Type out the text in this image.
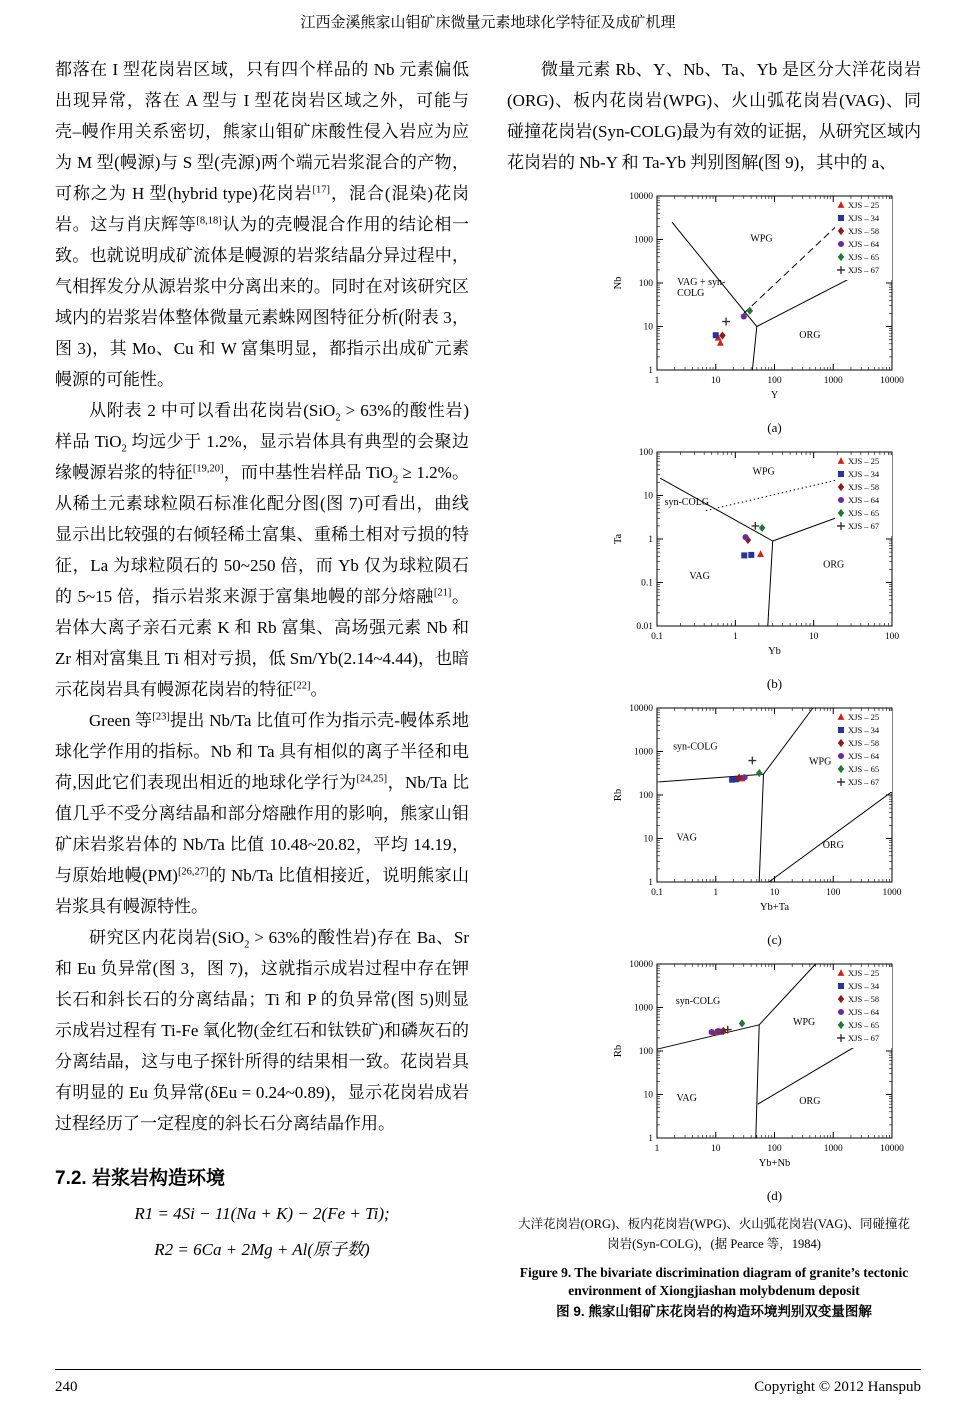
江西金溪熊家山钼矿床微量元素地球化学特征及成矿机理

都落在 I 型花岗岩区域，只有四个样品的 Nb 元素偏低出现异常，落在 A 型与 I 型花岗岩区域之外，可能与壳–幔作用关系密切，熊家山钼矿床酸性侵入岩应为应为 M 型(幔源)与 S 型(壳源)两个端元岩浆混合的产物，可称之为 H 型(hybrid type)花岗岩[17]，混合(混染)花岗岩。这与肖庆辉等[8,18]认为的壳幔混合作用的结论相一致。也就说明成矿流体是幔源的岩浆结晶分异过程中，气相挥发分从源岩浆中分离出来的。同时在对该研究区域内的岩浆岩体整体微量元素蛛网图特征分析(附表 3，图 3)，其 Mo、Cu 和 W 富集明显，都指示出成矿元素幔源的可能性。

从附表 2 中可以看出花岗岩(SiO$_2$ > 63%的酸性岩)样品 TiO$_2$ 均远少于 1.2%，显示岩体具有典型的会聚边缘幔源岩浆的特征[19,20]，而中基性岩样品 TiO$_2$ ≥ 1.2%。从稀土元素球粒陨石标准化配分图(图 7)可看出，曲线显示出比较强的右倾轻稀土富集、重稀土相对亏损的特征，La 为球粒陨石的 50~250 倍，而 Yb 仅为球粒陨石的 5~15 倍，指示岩浆来源于富集地幔的部分熔融[21]。岩体大离子亲石元素 K 和 Rb 富集、高场强元素 Nb 和 Zr 相对富集且 Ti 相对亏损，低 Sm/Yb(2.14~4.44)，也暗示花岗岩具有幔源花岗岩的特征[22]。

Green 等[23]提出 Nb/Ta 比值可作为指示壳-幔体系地球化学作用的指标。Nb 和 Ta 具有相似的离子半径和电荷,因此它们表现出相近的地球化学行为[24,25]，Nb/Ta 比值几乎不受分离结晶和部分熔融作用的影响，熊家山钼矿床岩浆岩体的 Nb/Ta 比值 10.48~20.82，平均 14.19，与原始地幔(PM)[26,27]的 Nb/Ta 比值相接近，说明熊家山岩浆具有幔源特性。

研究区内花岗岩(SiO$_2$ > 63%的酸性岩)存在 Ba、Sr 和 Eu 负异常(图 3，图 7)，这就指示成岩过程中存在钾长石和斜长石的分离结晶；Ti 和 P 的负异常(图 5)则显示成岩过程有 Ti-Fe 氧化物(金红石和钛铁矿)和磷灰石的分离结晶，这与电子探针所得的结果相一致。花岗岩具有明显的 Eu 负异常(δEu = 0.24~0.89)，显示花岗岩成岩过程经历了一定程度的斜长石分离结晶作用。

7.2. 岩浆岩构造环境
R1 = 4Si − 11(Na + K) − 2(Fe + Ti);
R2 = 6Ca + 2Mg + Al(原子数)

微量元素 Rb、Y、Nb、Ta、Yb 是区分大洋花岗岩(ORG)、板内花岗岩(WPG)、火山弧花岗岩(VAG)、同碰撞花岗岩(Syn-COLG)最为有效的证据，从研究区域内花岗岩的 Nb-Y 和 Ta-Yb 判别图解(图 9)，其中的 a、

1	10	100	1000	10000
1
10
100
1000
10000
Y
Nb
WPG
VAG + syn-COLG
ORG
XJS – 25
XJS – 34
XJS – 58
XJS – 64
XJS – 65
XJS – 67
(a)
0.1	1	10	100
0.01
0.1
1
10
100
Yb
Ta
WPG
syn-COLG
VAG
ORG
XJS – 25
XJS – 34
XJS – 58
XJS – 64
XJS – 65
XJS – 67
(b)
0.1	1	10	100	1000
1
10
100
1000
10000
Yb+Ta
Rb
syn-COLG
WPG
VAG
ORG
XJS – 25
XJS – 34
XJS – 58
XJS – 64
XJS – 65
XJS – 67
(c)
1	10	100	1000	10000
1
10
100
1000
10000
Yb+Nb
Rb
syn-COLG
WPG
VAG	ORG
XJS – 25
XJS – 34
XJS – 58
XJS – 64
XJS – 65
XJS – 67
(d)
大洋花岗岩(ORG)、板内花岗岩(WPG)、火山弧花岗岩(VAG)、同碰撞花岗岩(Syn-COLG)，(据 Pearce 等，1984)
Figure 9. The bivariate discrimination diagram of granite’s tectonic environment of Xiongjiashan molybdenum deposit
图 9. 熊家山钼矿床花岗岩的构造环境判别双变量图解
240	Copyright © 2012 Hanspub
